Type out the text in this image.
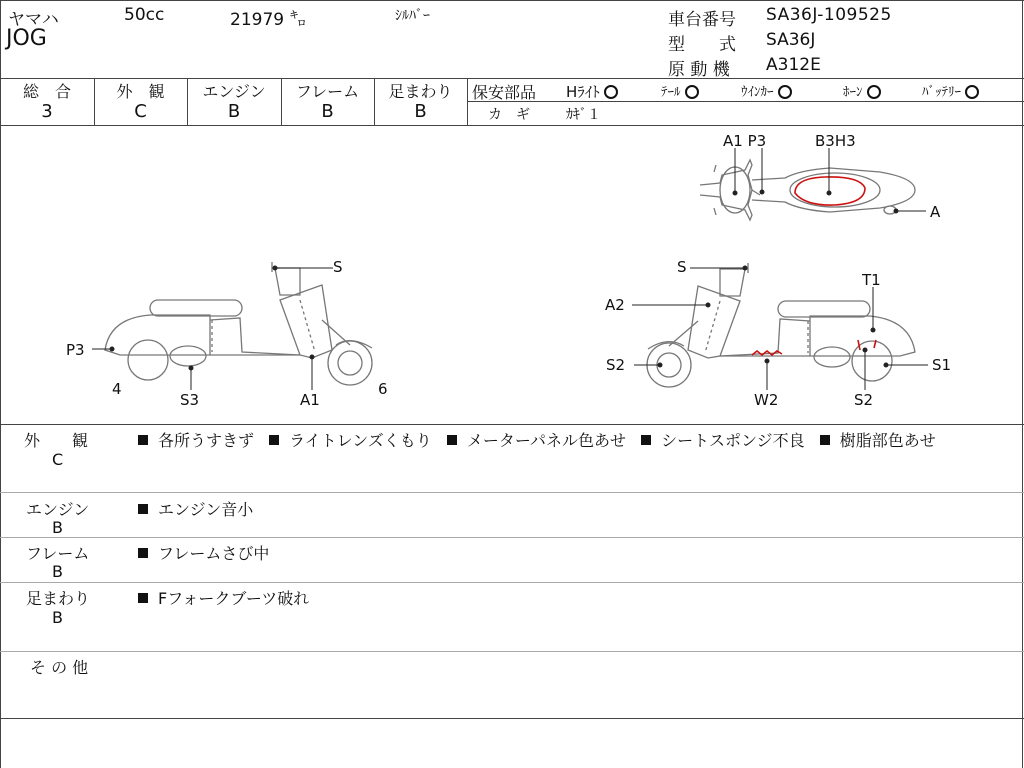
ヤマハ	50cc	21979 ㌔	ｼﾙﾊﾞｰ
JOG
車台番号 SA36J-109525
型　　式 SA36J
原 動 機 A312E
総　合
3
外　観
C
エンジン
B
フレーム
B
足まわり
B
保安部品 Hﾗｲﾄ	ﾃｰﾙ	ｳｲﾝｶｰ	ﾎｰﾝ	ﾊﾞｯﾃﾘｰ
カ　ギ	ｶｷﾞ１
S
P3
4
S3	A1
6
S
A2
T1
S2	S1
W2	S2
A1 P3	B3H3
A
外　　観
C
各所うすきず ライトレンズくもり メーターパネル色あせ シートスポンジ不良 樹脂部色あせ
エンジン
B
エンジン音小
フレーム
B
フレームさび中
足まわり
B
Fフォークブーツ破れ
そ の 他
